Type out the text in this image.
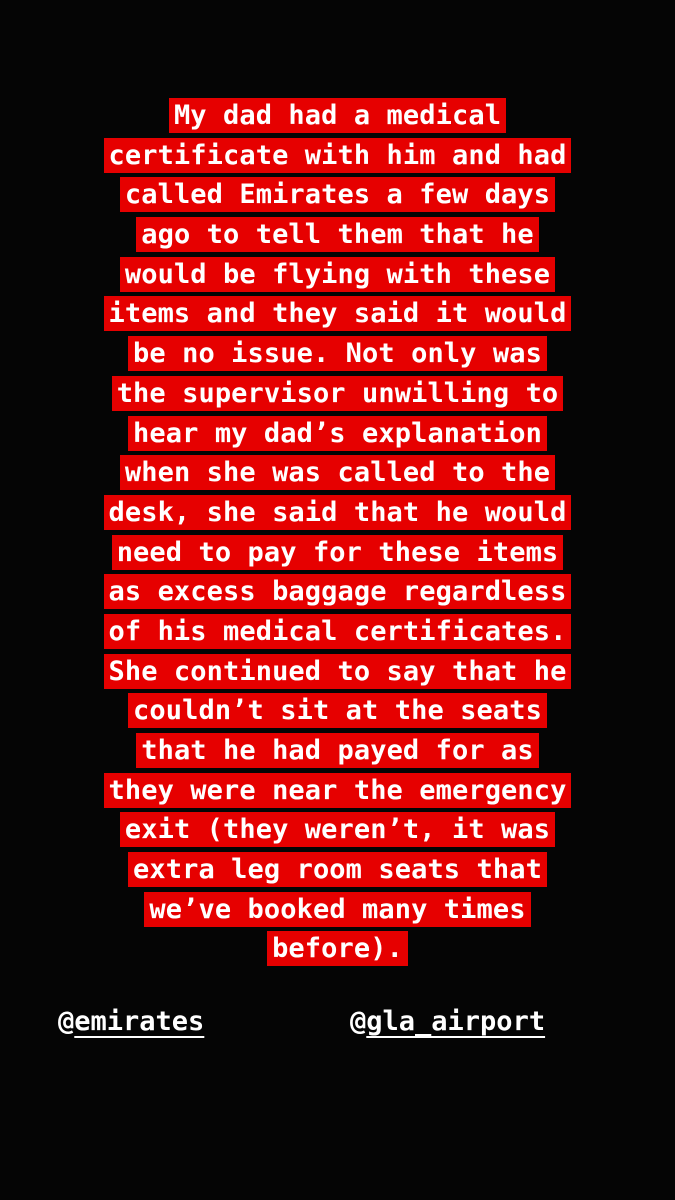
My dad had a medical
certificate with him and had
called Emirates a few days
ago to tell them that he
would be flying with these
items and they said it would
be no issue. Not only was
the supervisor unwilling to
hear my dad’s explanation
when she was called to the
desk, she said that he would
need to pay for these items
as excess baggage regardless
of his medical certificates.
She continued to say that he
couldn’t sit at the seats
that he had payed for as
they were near the emergency
exit (they weren’t, it was
extra leg room seats that
we’ve booked many times
before).
@emirates	@gla_airport
